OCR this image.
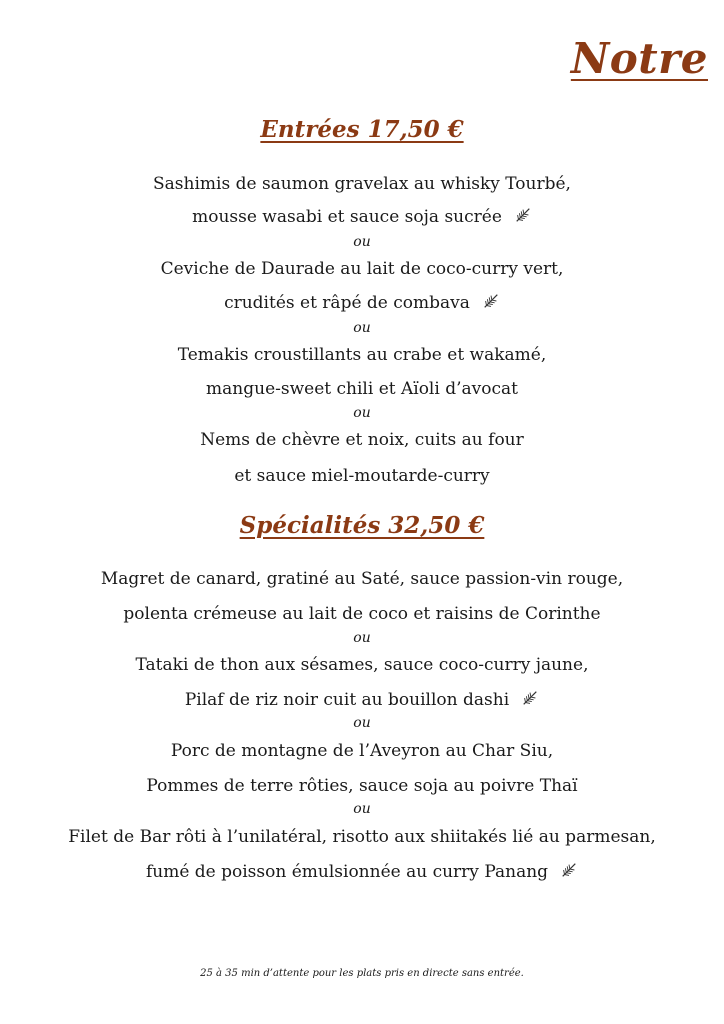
Notre
Entrées 17,50 €
Sashimis de saumon gravelax au whisky Tourbé,
mousse wasabi et sauce soja sucrée
ou
Ceviche de Daurade au lait de coco-curry vert,
crudités et râpé de combava
ou
Temakis croustillants au crabe et wakamé,
mangue-sweet chili et Aïoli d’avocat
ou
Nems de chèvre et noix, cuits au four
et sauce miel-moutarde-curry
Spécialités 32,50 €
Magret de canard, gratiné au Saté, sauce passion-vin rouge,
polenta crémeuse au lait de coco et raisins de Corinthe
ou
Tataki de thon aux sésames, sauce coco-curry jaune,
Pilaf de riz noir cuit au bouillon dashi
ou
Porc de montagne de l’Aveyron au Char Siu,
Pommes de terre rôties, sauce soja au poivre Thaï
ou
Filet de Bar rôti à l’unilatéral, risotto aux shiitakés lié au parmesan,
fumé de poisson émulsionnée au curry Panang
25 à 35 min d’attente pour les plats pris en directe sans entrée.
